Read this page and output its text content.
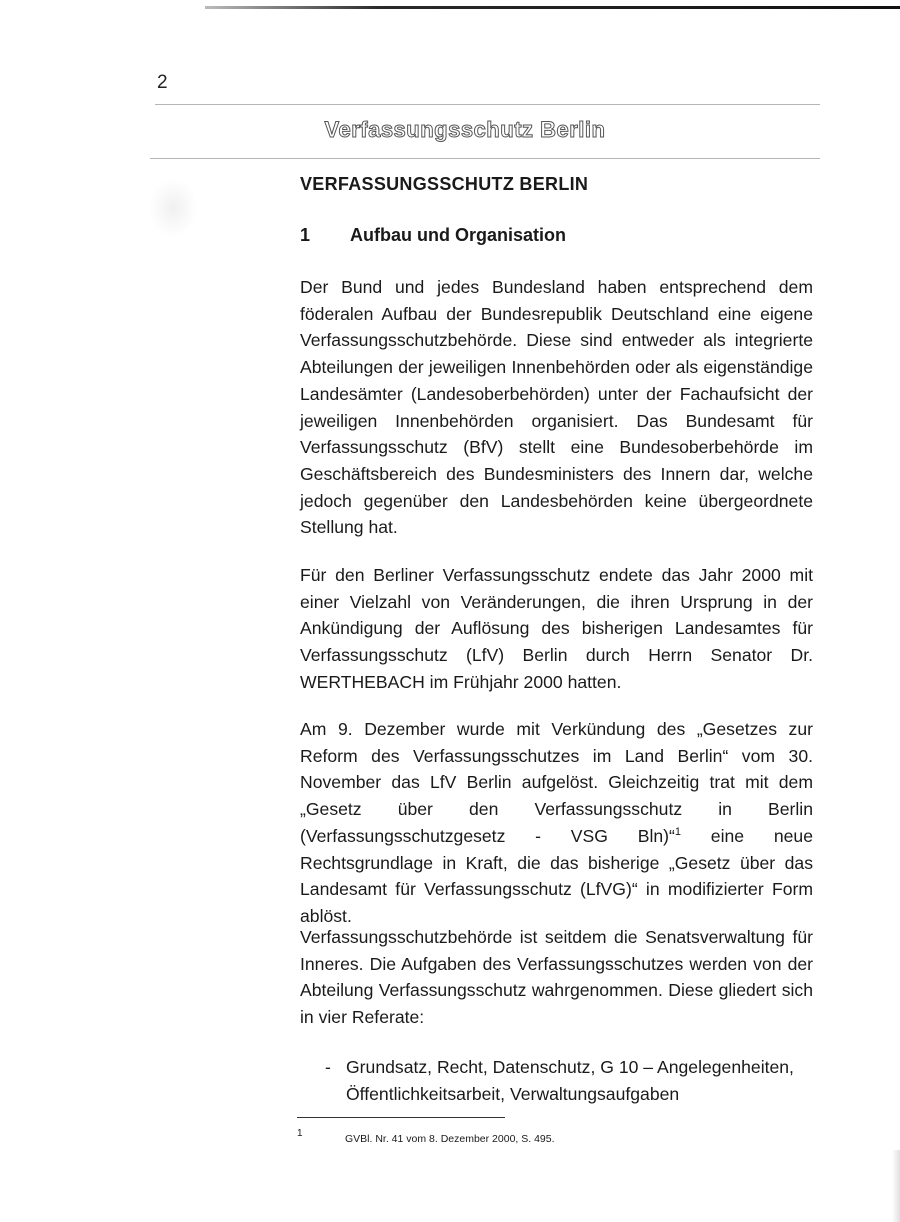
2
Verfassungsschutz Berlin
VERFASSUNGSSCHUTZ BERLIN
1 Aufbau und Organisation
Der Bund und jedes Bundesland haben entsprechend dem föderalen Aufbau der Bundesrepublik Deutschland eine eigene Verfassungsschutzbehörde. Diese sind entweder als integrierte Abteilungen der jeweiligen Innenbehörden oder als eigenständige Landesämter (Landesoberbehörden) unter der Fachaufsicht der jeweiligen Innenbehörden organisiert. Das Bundesamt für Verfassungsschutz (BfV) stellt eine Bundesoberbehörde im Geschäftsbereich des Bundesministers des Innern dar, welche jedoch gegenüber den Landesbehörden keine übergeordnete Stellung hat.
Für den Berliner Verfassungsschutz endete das Jahr 2000 mit einer Vielzahl von Veränderungen, die ihren Ursprung in der Ankündigung der Auflösung des bisherigen Landesamtes für Verfassungsschutz (LfV) Berlin durch Herrn Senator Dr. WERTHEBACH im Frühjahr 2000 hatten.
Am 9. Dezember wurde mit Verkündung des „Gesetzes zur Reform des Verfassungsschutzes im Land Berlin“ vom 30. November das LfV Berlin aufgelöst. Gleichzeitig trat mit dem „Gesetz über den Verfassungsschutz in Berlin (Verfassungsschutzgesetz - VSG Bln)“$^1$ eine neue Rechtsgrundlage in Kraft, die das bisherige „Gesetz über das Landesamt für Verfassungsschutz (LfVG)“ in modifizierter Form ablöst.
Verfassungsschutzbehörde ist seitdem die Senatsverwaltung für Inneres. Die Aufgaben des Verfassungsschutzes werden von der Abteilung Verfassungsschutz wahrgenommen. Diese gliedert sich in vier Referate:
- Grundsatz, Recht, Datenschutz, G 10 – Angelegenheiten, Öffentlichkeitsarbeit, Verwaltungsaufgaben
1	GVBl. Nr. 41 vom 8. Dezember 2000, S. 495.
